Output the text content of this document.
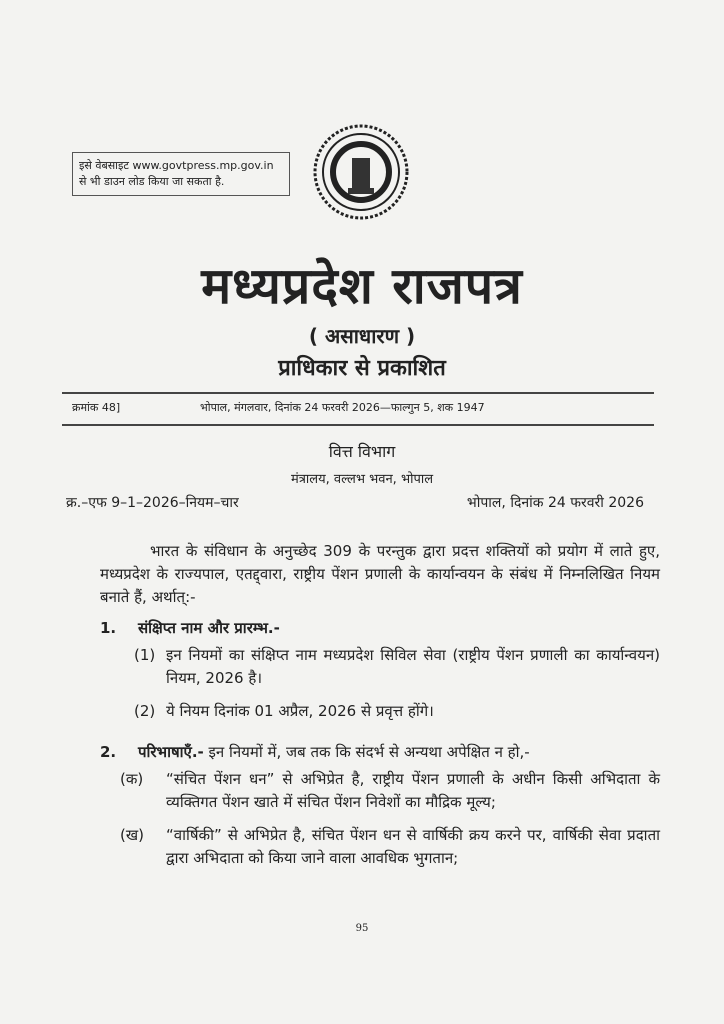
इसे वेबसाइट www.govtpress.mp.gov.in
से भी डाउन लोड किया जा सकता है.
मध्यप्रदेश राजपत्र
( असाधारण )
प्राधिकार से प्रकाशित
क्रमांक 48]	भोपाल, मंगलवार, दिनांक 24 फरवरी 2026—फाल्गुन 5, शक 1947
वित्त विभाग
मंत्रालय, वल्लभ भवन, भोपाल
क्र.–एफ 9–1–2026–नियम–चार	भोपाल, दिनांक 24 फरवरी 2026

भारत के संविधान के अनुच्छेद 309 के परन्तुक द्वारा प्रदत्त शक्तियों को प्रयोग में लाते हुए, मध्यप्रदेश के राज्यपाल, एतद्द्वारा, राष्ट्रीय पेंशन प्रणाली के कार्यान्वयन के संबंध में निम्नलिखित नियम बनाते हैं, अर्थात्:-

1. संक्षिप्त नाम और प्रारम्भ.-
(1) इन नियमों का संक्षिप्त नाम मध्यप्रदेश सिविल सेवा (राष्ट्रीय पेंशन प्रणाली का कार्यान्वयन) नियम, 2026 है।
(2) ये नियम दिनांक 01 अप्रैल, 2026 से प्रवृत्त होंगे।
2. परिभाषाएँ.- इन नियमों में, जब तक कि संदर्भ से अन्यथा अपेक्षित न हो,-
(क) “संचित पेंशन धन” से अभिप्रेत है, राष्ट्रीय पेंशन प्रणाली के अधीन किसी अभिदाता के व्यक्तिगत पेंशन खाते में संचित पेंशन निवेशों का मौद्रिक मूल्य;
(ख) “वार्षिकी” से अभिप्रेत है, संचित पेंशन धन से वार्षिकी क्रय करने पर, वार्षिकी सेवा प्रदाता द्वारा अभिदाता को किया जाने वाला आवधिक भुगतान;
95
